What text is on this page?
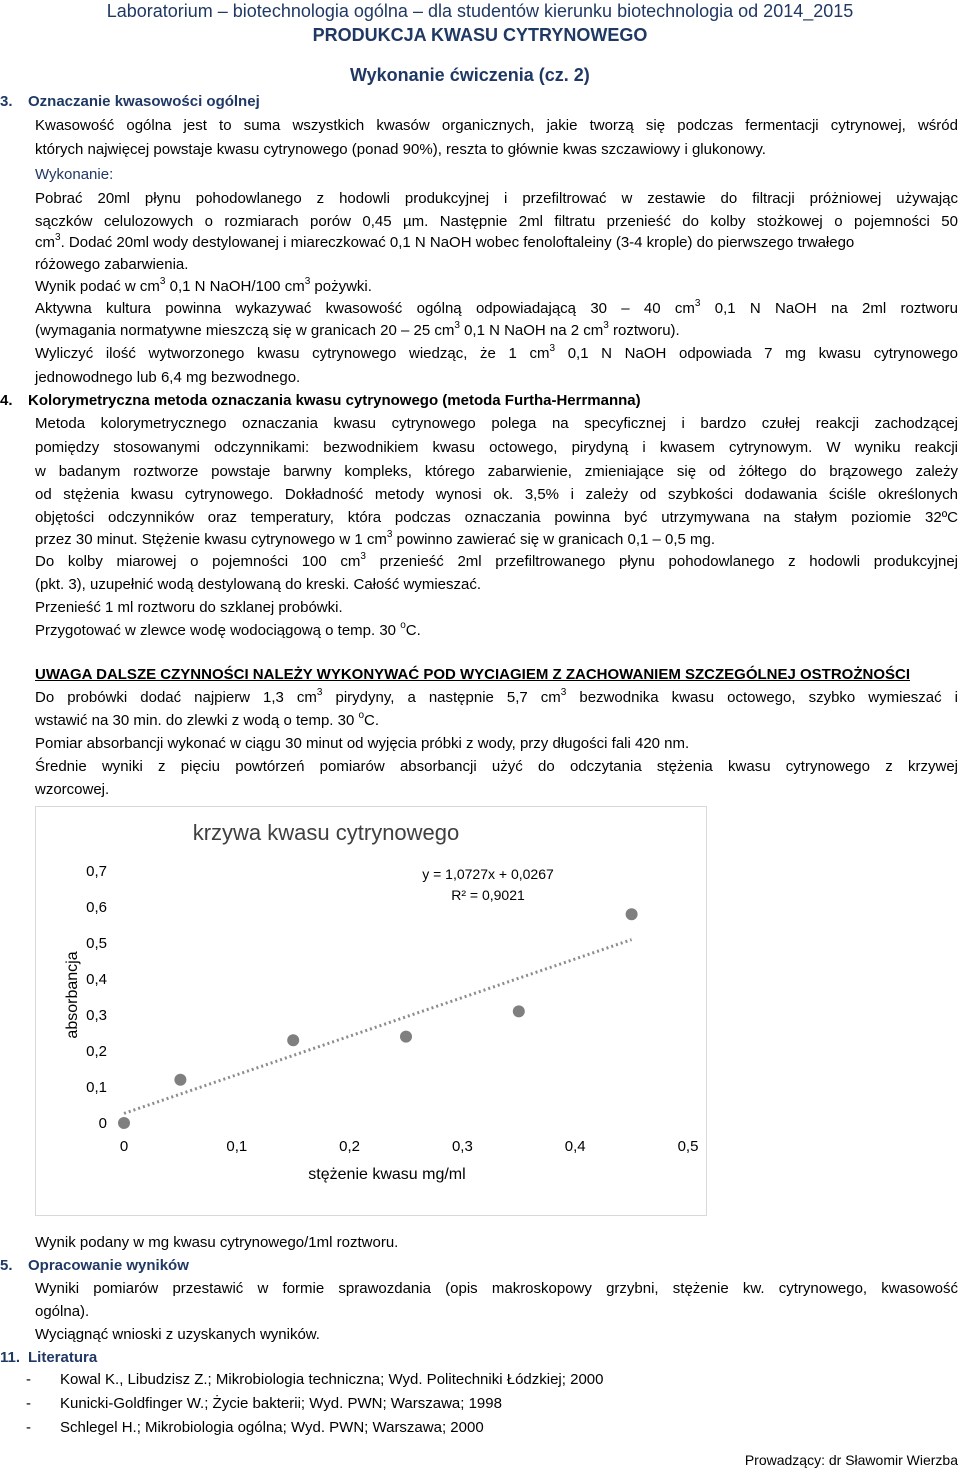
Laboratorium – biotechnologia ogólna – dla studentów kierunku biotechnologia od 2014_2015
PRODUKCJA KWASU CYTRYNOWEGO
Wykonanie ćwiczenia (cz. 2)
3. Oznaczanie kwasowości ogólnej
Kwasowość ogólna jest to suma wszystkich kwasów organicznych, jakie tworzą się podczas fermentacji cytrynowej, wśród
których najwięcej powstaje kwasu cytrynowego (ponad 90%), reszta to głównie kwas szczawiowy i glukonowy.
Wykonanie:
Pobrać 20ml płynu pohodowlanego z hodowli produkcyjnej i przefiltrować w zestawie do filtracji próżniowej używając
sączków celulozowych o rozmiarach porów 0,45 µm. Następnie 2ml filtratu przenieść do kolby stożkowej o pojemności 50
$cm^3$. Dodać 20ml wody destylowanej i miareczkować 0,1 N NaOH wobec fenoloftaleiny (3-4 krople) do pierwszego trwałego
różowego zabarwienia.
Wynik podać w $cm^3$ 0,1 N NaOH/100 $cm^3$ pożywki.
Aktywna kultura powinna wykazywać kwasowość ogólną odpowiadającą 30 – 40 $cm^3$ 0,1 N NaOH na 2ml roztworu
(wymagania normatywne mieszczą się w granicach 20 – 25 $cm^3$ 0,1 N NaOH na 2 $cm^3$ roztworu).
Wyliczyć ilość wytworzonego kwasu cytrynowego wiedząc, że 1 $cm^3$ 0,1 N NaOH odpowiada 7 mg kwasu cytrynowego
jednowodnego lub 6,4 mg bezwodnego.
4. Kolorymetryczna metoda oznaczania kwasu cytrynowego (metoda Furtha-Herrmanna)
Metoda kolorymetrycznego oznaczania kwasu cytrynowego polega na specyficznej i bardzo czułej reakcji zachodzącej
pomiędzy stosowanymi odczynnikami: bezwodnikiem kwasu octowego, pirydyną i kwasem cytrynowym. W wyniku reakcji
w badanym roztworze powstaje barwny kompleks, którego zabarwienie, zmieniające się od żółtego do brązowego zależy
od stężenia kwasu cytrynowego. Dokładność metody wynosi ok. 3,5% i zależy od szybkości dodawania ściśle określonych
objętości odczynników oraz temperatury, która podczas oznaczania powinna być utrzymywana na stałym poziomie 32ºC
przez 30 minut. Stężenie kwasu cytrynowego w 1 $cm^3$ powinno zawierać się w granicach 0,1 – 0,5 mg.
Do kolby miarowej o pojemności 100 $cm^3$ przenieść 2ml przefiltrowanego płynu pohodowlanego z hodowli produkcyjnej
(pkt. 3), uzupełnić wodą destylowaną do kreski. Całość wymieszać.
Przenieść 1 ml roztworu do szklanej probówki.
Przygotować w zlewce wodę wodociągową o temp. 30 $^o$C.
UWAGA DALSZE CZYNNOŚCI NALEŻY WYKONYWAĆ POD WYCIAGIEM Z ZACHOWANIEM SZCZEGÓLNEJ OSTROŻNOŚCI
Do probówki dodać najpierw 1,3 $cm^3$ pirydyny, a następnie 5,7 $cm^3$ bezwodnika kwasu octowego, szybko wymieszać i
wstawić na 30 min. do zlewki z wodą o temp. 30 $^o$C.
Pomiar absorbancji wykonać w ciągu 30 minut od wyjęcia próbki z wody, przy długości fali 420 nm.
Średnie wyniki z pięciu powtórzeń pomiarów absorbancji użyć do odczytania stężenia kwasu cytrynowego z krzywej
wzorcowej.
krzywa kwasu cytrynowego
y = 1,0727x + 0,0267
R² = 0,9021
stężenie kwasu mg/ml
absorbancja
0
0,1
0,2
0,3
0,4
0,5
0,6
0,7
0	0,1	0,2	0,3	0,4	0,5
Wynik podany w mg kwasu cytrynowego/1ml roztworu.
5. Opracowanie wyników
Wyniki pomiarów przestawić w formie sprawozdania (opis makroskopowy grzybni, stężenie kw. cytrynowego, kwasowość
ogólna).
Wyciągnąć wnioski z uzyskanych wyników.
11. Literatura
- Kowal K., Libudzisz Z.; Mikrobiologia techniczna; Wyd. Politechniki Łódzkiej; 2000
- Kunicki-Goldfinger W.; Życie bakterii; Wyd. PWN; Warszawa; 1998
- Schlegel H.; Mikrobiologia ogólna; Wyd. PWN; Warszawa; 2000
Prowadzący: dr Sławomir Wierzba
